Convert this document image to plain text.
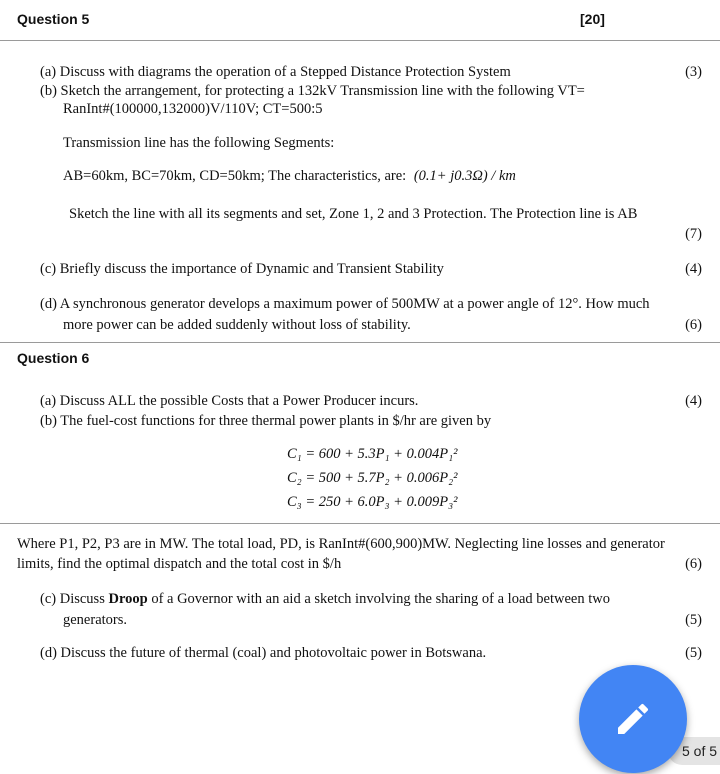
Question 5	[20]
(a) Discuss with diagrams the operation of a Stepped Distance Protection System	(3)
(b) Sketch the arrangement, for protecting a 132kV Transmission line with the following VT=
RanInt#(100000,132000)V/110V; CT=500:5
Transmission line has the following Segments:
AB=60km, BC=70km, CD=50km; The characteristics, are: (0.1+ j0.3Ω) / km
Sketch the line with all its segments and set, Zone 1, 2 and 3 Protection. The Protection line is AB
(7)
(c) Briefly discuss the importance of Dynamic and Transient Stability	(4)
(d) A synchronous generator develops a maximum power of 500MW at a power angle of 12°. How much
more power can be added suddenly without loss of stability.	(6)
Question 6
(a) Discuss ALL the possible Costs that a Power Producer incurs.	(4)
(b) The fuel-cost functions for three thermal power plants in $/hr are given by
C₁ = 600 + 5.3P₁ + 0.004P₁²
C₂ = 500 + 5.7P₂ + 0.006P₂²
C₃ = 250 + 6.0P₃ + 0.009P₃²
Where P1, P2, P3 are in MW. The total load, PD, is RanInt#(600,900)MW. Neglecting line losses and generator
limits, find the optimal dispatch and the total cost in $/h	(6)
(c) Discuss Droop of a Governor with an aid a sketch involving the sharing of a load between two
generators.	(5)
(d) Discuss the future of thermal (coal) and photovoltaic power in Botswana.	(5)
5 of 5
